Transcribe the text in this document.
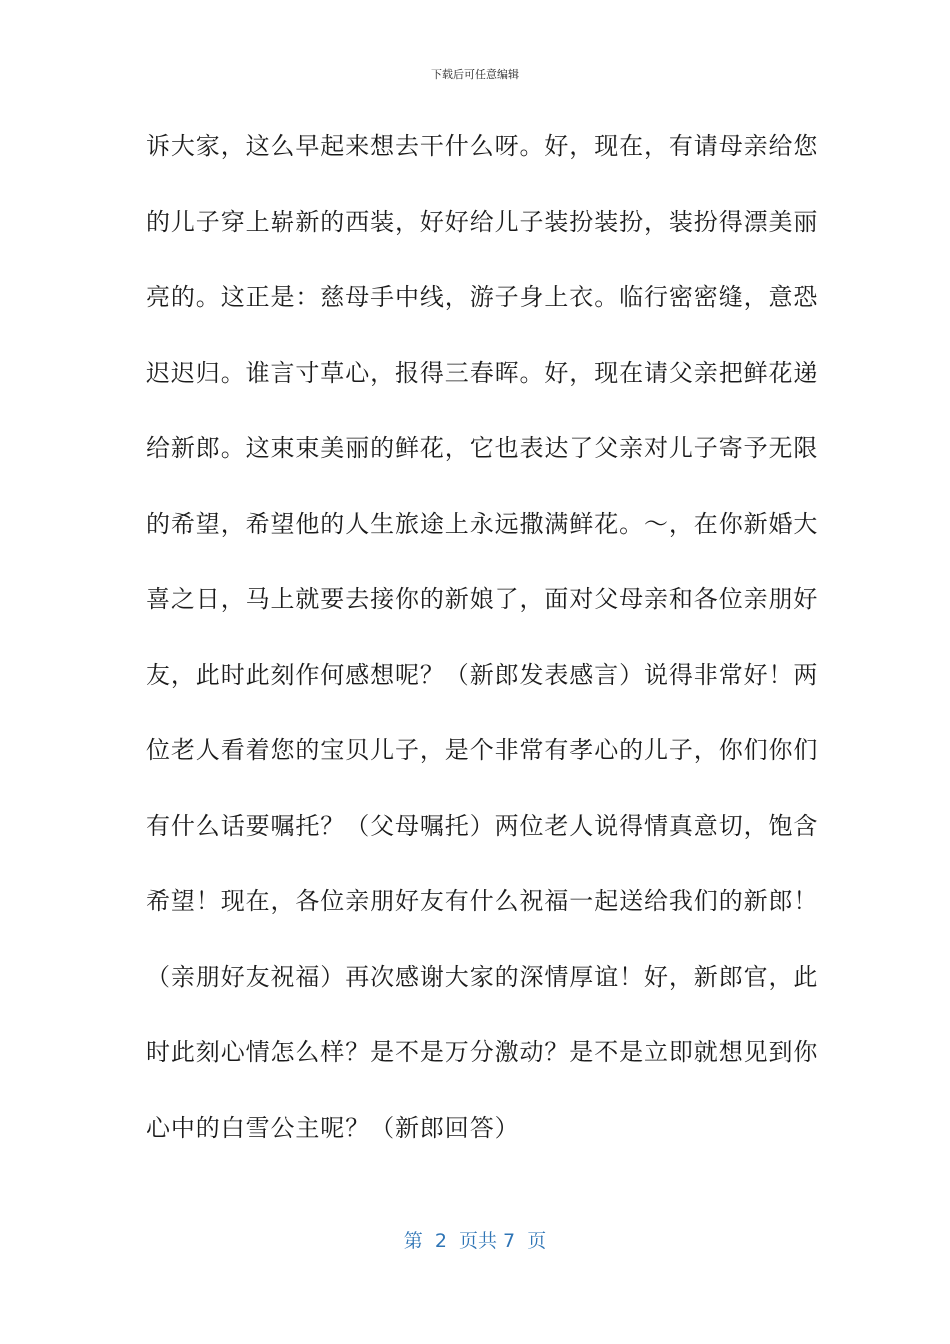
下载后可任意编辑
诉大家，这么早起来想去干什么呀。好，现在，有请母亲给您
的儿子穿上崭新的西装，好好给儿子装扮装扮，装扮得漂美丽
亮的。这正是：慈母手中线，游子身上衣。临行密密缝，意恐
迟迟归。谁言寸草心，报得三春晖。好，现在请父亲把鲜花递
给新郎。这束束美丽的鲜花，它也表达了父亲对儿子寄予无限
的希望，希望他的人生旅途上永远撒满鲜花。～，在你新婚大
喜之日，马上就要去接你的新娘了，面对父母亲和各位亲朋好
友，此时此刻作何感想呢？（新郎发表感言）说得非常好！两
位老人看着您的宝贝儿子，是个非常有孝心的儿子，你们你们
有什么话要嘱托？（父母嘱托）两位老人说得情真意切，饱含
希望！现在，各位亲朋好友有什么祝福一起送给我们的新郎！
（亲朋好友祝福）再次感谢大家的深情厚谊！好，新郎官，此
时此刻心情怎么样？是不是万分激动？是不是立即就想见到你
心中的白雪公主呢？（新郎回答）
第  2  页共 7  页
